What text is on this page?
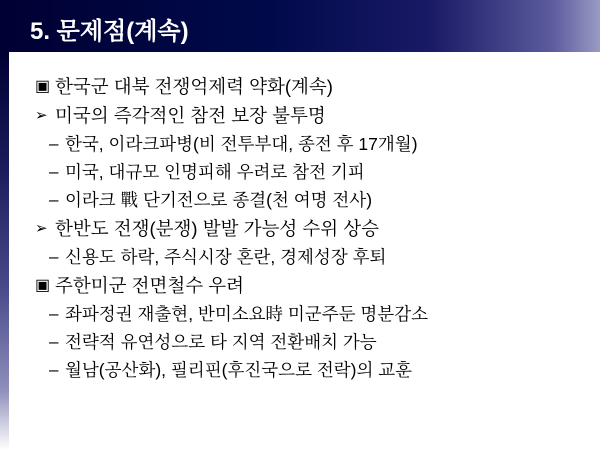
5. 문제점(계속)
▣ 한국군 대북 전쟁억제력 약화(계속)
➢ 미국의 즉각적인 참전 보장 불투명
– 한국, 이라크파병(비 전투부대, 종전 후 17개월)
– 미국, 대규모 인명피해 우려로 참전 기피
– 이라크 戰 단기전으로 종결(천 여명 전사)
➢ 한반도 전쟁(분쟁) 발발 가능성 수위 상승
– 신용도 하락, 주식시장 혼란, 경제성장 후퇴
▣ 주한미군 전면철수 우려
– 좌파정권 재출현, 반미소요時 미군주둔 명분감소
– 전략적 유연성으로 타 지역 전환배치 가능
– 월남(공산화), 필리핀(후진국으로 전락)의 교훈
